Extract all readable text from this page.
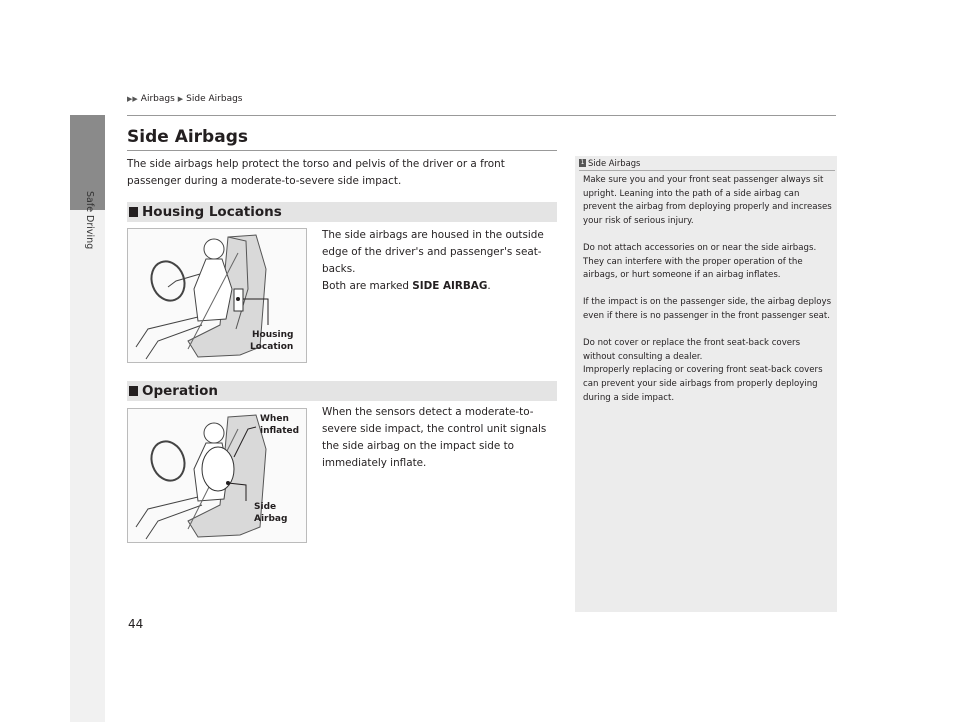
Safe Driving
▶▶ Airbags ▶ Side Airbags
Side Airbags

The side airbags help protect the torso and pelvis of the driver or a front passenger during a moderate-to-severe side impact.

Housing Locations
Housing
Location

The side airbags are housed in the outside edge of the driver's and passenger's seat-backs.

Both are marked SIDE AIRBAG.

Operation
When
inflated
Side
Airbag

When the sensors detect a moderate-to-severe side impact, the control unit signals the side airbag on the impact side to immediately inflate.

1 Side Airbags

Make sure you and your front seat passenger always sit upright. Leaning into the path of a side airbag can prevent the airbag from deploying properly and increases your risk of serious injury.

Do not attach accessories on or near the side airbags. They can interfere with the proper operation of the airbags, or hurt someone if an airbag inflates.

If the impact is on the passenger side, the airbag deploys even if there is no passenger in the front passenger seat.

Do not cover or replace the front seat-back covers without consulting a dealer.
Improperly replacing or covering front seat-back covers can prevent your side airbags from properly deploying during a side impact.

44
